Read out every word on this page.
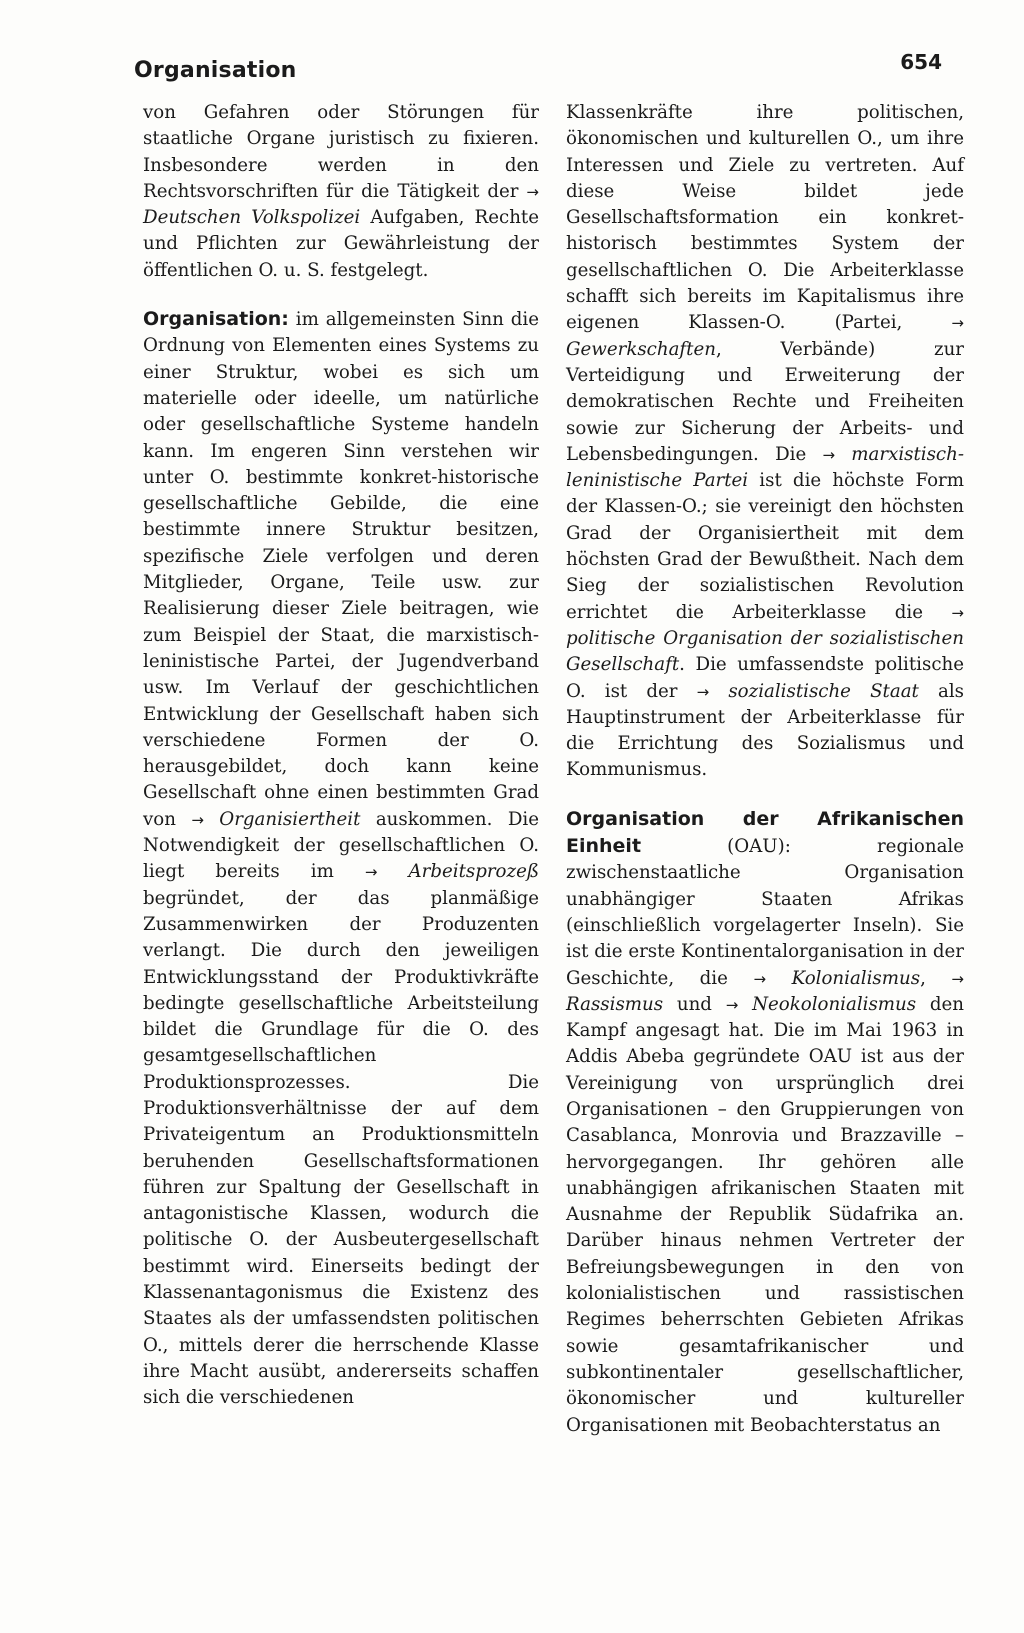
Organisation	654

von Gefahren oder Störungen für staatliche Organe juristisch zu fixieren. Insbesondere werden in den Rechtsvorschriften für die Tätigkeit der → Deutschen Volkspolizei Aufgaben, Rechte und Pflichten zur Gewährleistung der öffentlichen O. u. S. festgelegt.

Organisation: im allgemeinsten Sinn die Ordnung von Elementen eines Systems zu einer Struktur, wobei es sich um materielle oder ideelle, um natürliche oder gesellschaftliche Systeme handeln kann. Im engeren Sinn verstehen wir unter O. bestimmte konkret-historische gesellschaftliche Gebilde, die eine bestimmte innere Struktur besitzen, spezifische Ziele verfolgen und deren Mitglieder, Organe, Teile usw. zur Realisierung dieser Ziele beitragen, wie zum Beispiel der Staat, die marxistisch-leninistische Partei, der Jugendverband usw. Im Verlauf der geschichtlichen Entwicklung der Gesellschaft haben sich verschiedene Formen der O. herausgebildet, doch kann keine Gesellschaft ohne einen bestimmten Grad von → Organisiertheit auskommen. Die Notwendigkeit der gesellschaftlichen O. liegt bereits im → Arbeitsprozeß begründet, der das planmäßige Zusammenwirken der Produzenten verlangt. Die durch den jeweiligen Entwicklungsstand der Produktivkräfte bedingte gesellschaftliche Arbeitsteilung bildet die Grundlage für die O. des gesamtgesellschaftlichen Produktionsprozesses. Die Produktionsverhältnisse der auf dem Privateigentum an Produktionsmitteln beruhenden Gesellschaftsformationen führen zur Spaltung der Gesellschaft in antagonistische Klassen, wodurch die politische O. der Ausbeutergesellschaft bestimmt wird. Einerseits bedingt der Klassenantagonismus die Existenz des Staates als der umfassendsten politischen O., mittels derer die herrschende Klasse ihre Macht ausübt, andererseits schaffen sich die verschiedenen

Klassenkräfte ihre politischen, ökonomischen und kulturellen O., um ihre Interessen und Ziele zu vertreten. Auf diese Weise bildet jede Gesellschaftsformation ein konkret-historisch bestimmtes System der gesellschaftlichen O. Die Arbeiterklasse schafft sich bereits im Kapitalismus ihre eigenen Klassen-O. (Partei, → Gewerkschaften, Verbände) zur Verteidigung und Erweiterung der demokratischen Rechte und Freiheiten sowie zur Sicherung der Arbeits- und Lebensbedingungen. Die → marxistisch-leninistische Partei ist die höchste Form der Klassen-O.; sie vereinigt den höchsten Grad der Organisiertheit mit dem höchsten Grad der Bewußtheit. Nach dem Sieg der sozialistischen Revolution errichtet die Arbeiterklasse die → politische Organisation der sozialistischen Gesellschaft. Die umfassendste politische O. ist der → sozialistische Staat als Hauptinstrument der Arbeiterklasse für die Errichtung des Sozialismus und Kommunismus.

Organisation der Afrikanischen Einheit (OAU): regionale zwischenstaatliche Organisation unabhängiger Staaten Afrikas (einschließlich vorgelagerter Inseln). Sie ist die erste Kontinentalorganisation in der Geschichte, die → Kolonialismus, → Rassismus und → Neokolonialismus den Kampf angesagt hat. Die im Mai 1963 in Addis Abeba gegründete OAU ist aus der Vereinigung von ursprünglich drei Organisationen – den Gruppierungen von Casablanca, Monrovia und Brazzaville – hervorgegangen. Ihr gehören alle unabhängigen afrikanischen Staaten mit Ausnahme der Republik Südafrika an. Darüber hinaus nehmen Vertreter der Befreiungsbewegungen in den von kolonialistischen und rassistischen Regimes beherrschten Gebieten Afrikas sowie gesamtafrikanischer und subkontinentaler gesellschaftlicher, ökonomischer und kultureller Organisationen mit Beobachterstatus an
